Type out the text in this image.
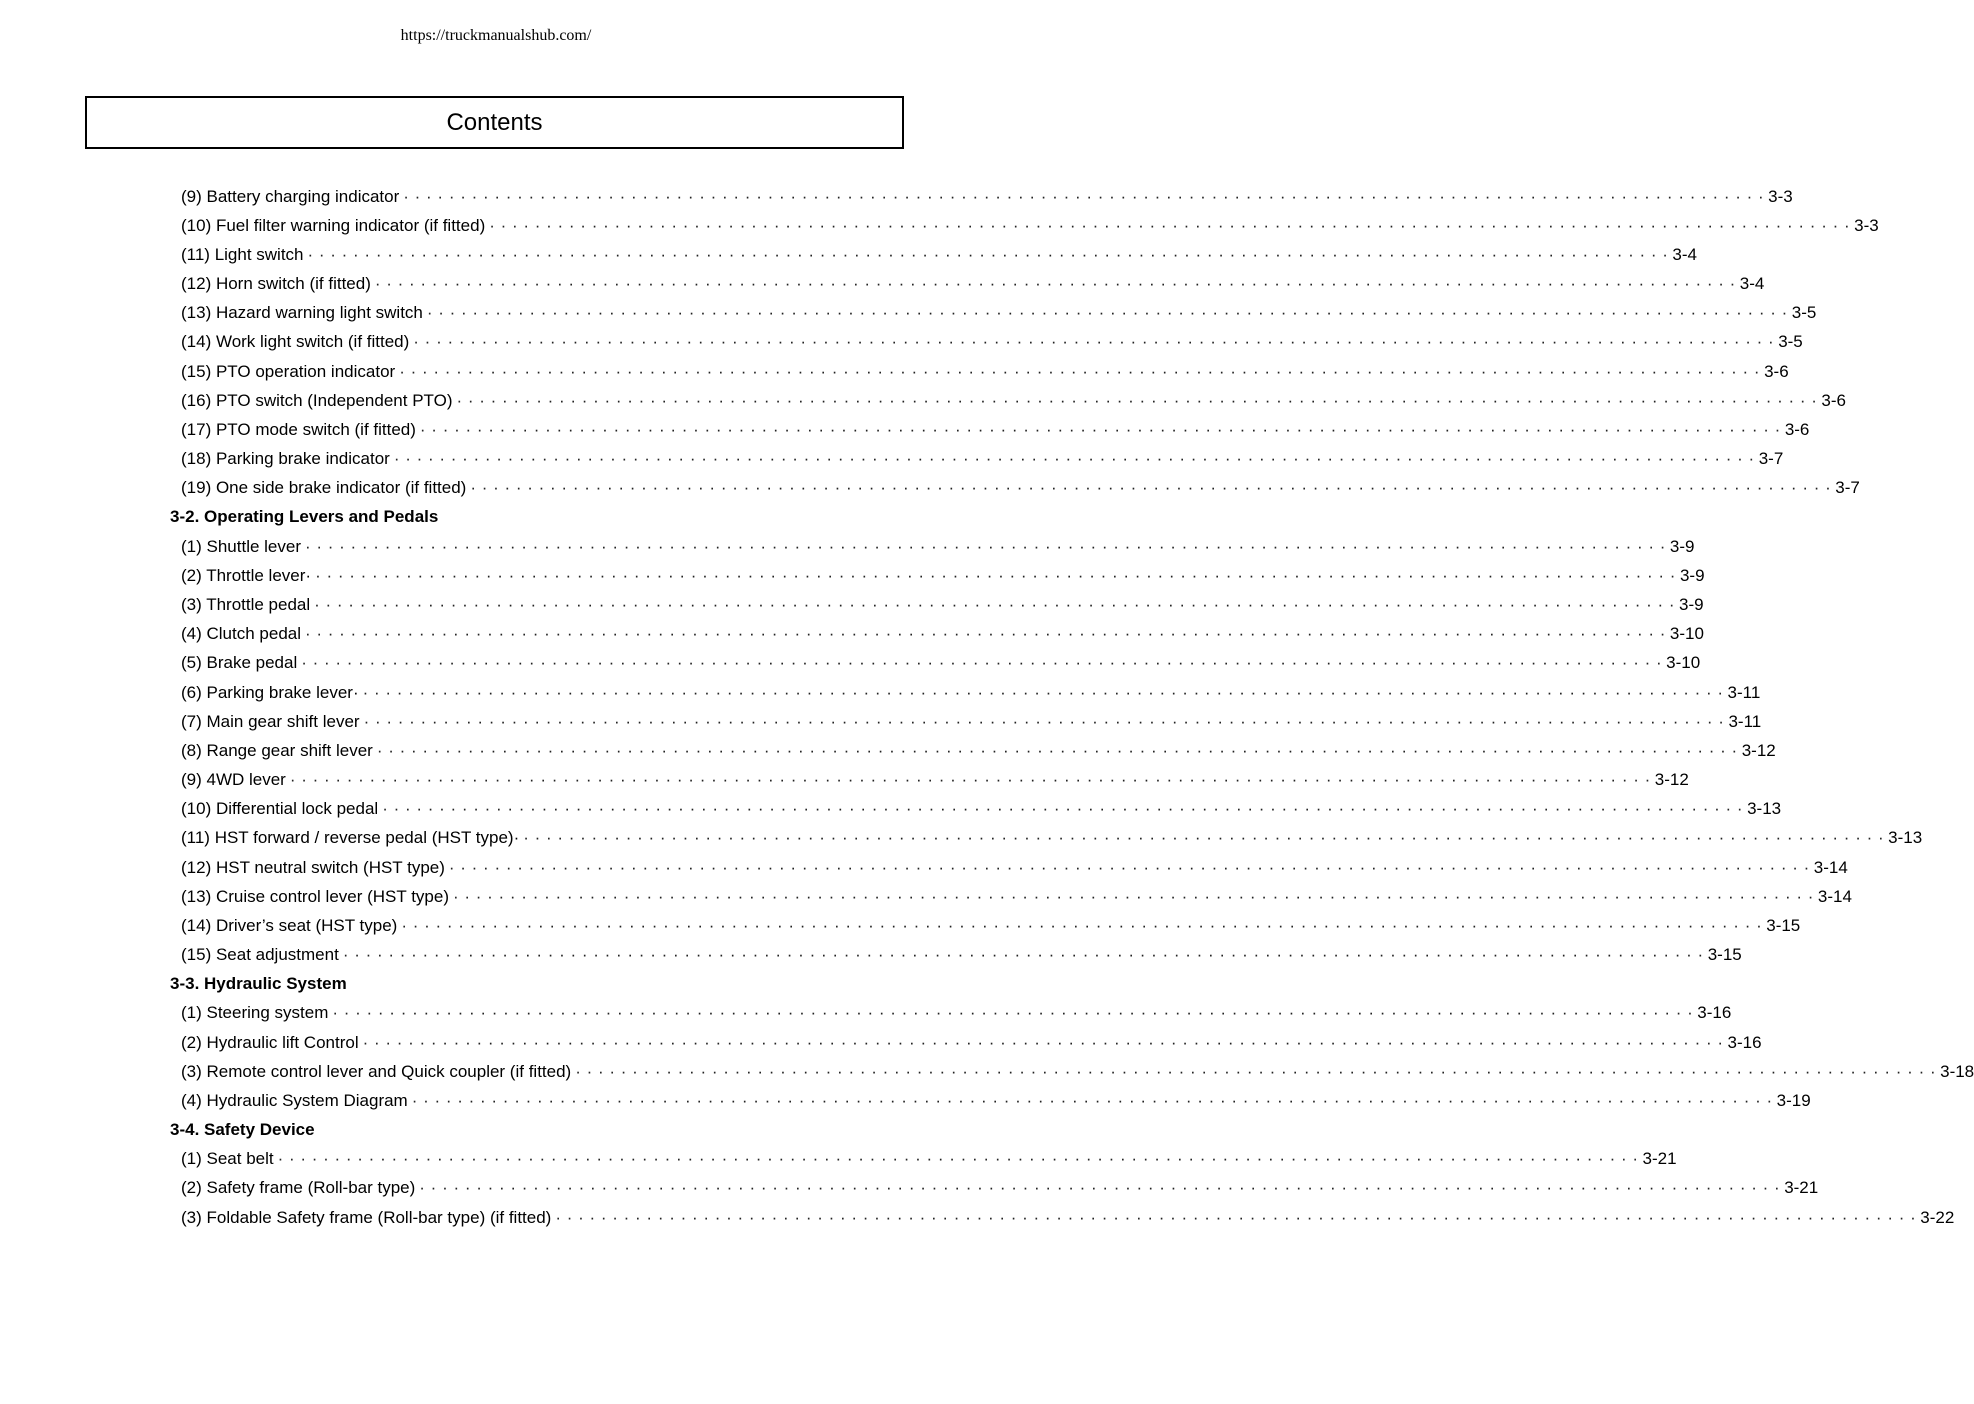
https://truckmanualshub.com/
Contents
(9) Battery charging indicator · · · · · · · · · · · · · · · · · · · · · · · · · · · · · · · · · · · · · · · · · · · · · · · · · · · · · · · · · · · · · · · · · · · · · · · · · · · · · · · · · · · · · · · · · · · · · · · · · · · · · · · · · · · · · · · · · · · · · · · · 3-3
(10) Fuel filter warning indicator (if fitted) · · · · · · · · · · · · · · · · · · · · · · · · · · · · · · · · · · · · · · · · · · · · · · · · · · · · · · · · · · · · · · · · · · · · · · · · · · · · · · · · · · · · · · · · · · · · · · · · · · · · · · · · · · · · · · · · · · · · · · · · 3-3
(11) Light switch · · · · · · · · · · · · · · · · · · · · · · · · · · · · · · · · · · · · · · · · · · · · · · · · · · · · · · · · · · · · · · · · · · · · · · · · · · · · · · · · · · · · · · · · · · · · · · · · · · · · · · · · · · · · · · · · · · · · · · · · 3-4
(12) Horn switch (if fitted) · · · · · · · · · · · · · · · · · · · · · · · · · · · · · · · · · · · · · · · · · · · · · · · · · · · · · · · · · · · · · · · · · · · · · · · · · · · · · · · · · · · · · · · · · · · · · · · · · · · · · · · · · · · · · · · · · · · · · · · · 3-4
(13) Hazard warning light switch · · · · · · · · · · · · · · · · · · · · · · · · · · · · · · · · · · · · · · · · · · · · · · · · · · · · · · · · · · · · · · · · · · · · · · · · · · · · · · · · · · · · · · · · · · · · · · · · · · · · · · · · · · · · · · · · · · · · · · · · 3-5
(14) Work light switch (if fitted) · · · · · · · · · · · · · · · · · · · · · · · · · · · · · · · · · · · · · · · · · · · · · · · · · · · · · · · · · · · · · · · · · · · · · · · · · · · · · · · · · · · · · · · · · · · · · · · · · · · · · · · · · · · · · · · · · · · · · · · · 3-5
(15) PTO operation indicator · · · · · · · · · · · · · · · · · · · · · · · · · · · · · · · · · · · · · · · · · · · · · · · · · · · · · · · · · · · · · · · · · · · · · · · · · · · · · · · · · · · · · · · · · · · · · · · · · · · · · · · · · · · · · · · · · · · · · · · · 3-6
(16) PTO switch (Independent PTO) · · · · · · · · · · · · · · · · · · · · · · · · · · · · · · · · · · · · · · · · · · · · · · · · · · · · · · · · · · · · · · · · · · · · · · · · · · · · · · · · · · · · · · · · · · · · · · · · · · · · · · · · · · · · · · · · · · · · · · · · 3-6
(17) PTO mode switch (if fitted) · · · · · · · · · · · · · · · · · · · · · · · · · · · · · · · · · · · · · · · · · · · · · · · · · · · · · · · · · · · · · · · · · · · · · · · · · · · · · · · · · · · · · · · · · · · · · · · · · · · · · · · · · · · · · · · · · · · · · · · · 3-6
(18) Parking brake indicator · · · · · · · · · · · · · · · · · · · · · · · · · · · · · · · · · · · · · · · · · · · · · · · · · · · · · · · · · · · · · · · · · · · · · · · · · · · · · · · · · · · · · · · · · · · · · · · · · · · · · · · · · · · · · · · · · · · · · · · · 3-7
(19) One side brake indicator (if fitted) · · · · · · · · · · · · · · · · · · · · · · · · · · · · · · · · · · · · · · · · · · · · · · · · · · · · · · · · · · · · · · · · · · · · · · · · · · · · · · · · · · · · · · · · · · · · · · · · · · · · · · · · · · · · · · · · · · · · · · · · 3-7
3-2. Operating Levers and Pedals
(1) Shuttle lever · · · · · · · · · · · · · · · · · · · · · · · · · · · · · · · · · · · · · · · · · · · · · · · · · · · · · · · · · · · · · · · · · · · · · · · · · · · · · · · · · · · · · · · · · · · · · · · · · · · · · · · · · · · · · · · · · · · · · · · · 3-9
(2) Throttle lever· · · · · · · · · · · · · · · · · · · · · · · · · · · · · · · · · · · · · · · · · · · · · · · · · · · · · · · · · · · · · · · · · · · · · · · · · · · · · · · · · · · · · · · · · · · · · · · · · · · · · · · · · · · · · · · · · · · · · · · · · 3-9
(3) Throttle pedal · · · · · · · · · · · · · · · · · · · · · · · · · · · · · · · · · · · · · · · · · · · · · · · · · · · · · · · · · · · · · · · · · · · · · · · · · · · · · · · · · · · · · · · · · · · · · · · · · · · · · · · · · · · · · · · · · · · · · · · · 3-9
(4) Clutch pedal · · · · · · · · · · · · · · · · · · · · · · · · · · · · · · · · · · · · · · · · · · · · · · · · · · · · · · · · · · · · · · · · · · · · · · · · · · · · · · · · · · · · · · · · · · · · · · · · · · · · · · · · · · · · · · · · · · · · · · · · 3-10
(5) Brake pedal · · · · · · · · · · · · · · · · · · · · · · · · · · · · · · · · · · · · · · · · · · · · · · · · · · · · · · · · · · · · · · · · · · · · · · · · · · · · · · · · · · · · · · · · · · · · · · · · · · · · · · · · · · · · · · · · · · · · · · · · 3-10
(6) Parking brake lever· · · · · · · · · · · · · · · · · · · · · · · · · · · · · · · · · · · · · · · · · · · · · · · · · · · · · · · · · · · · · · · · · · · · · · · · · · · · · · · · · · · · · · · · · · · · · · · · · · · · · · · · · · · · · · · · · · · · · · · · · 3-11
(7) Main gear shift lever · · · · · · · · · · · · · · · · · · · · · · · · · · · · · · · · · · · · · · · · · · · · · · · · · · · · · · · · · · · · · · · · · · · · · · · · · · · · · · · · · · · · · · · · · · · · · · · · · · · · · · · · · · · · · · · · · · · · · · · · 3-11
(8) Range gear shift lever · · · · · · · · · · · · · · · · · · · · · · · · · · · · · · · · · · · · · · · · · · · · · · · · · · · · · · · · · · · · · · · · · · · · · · · · · · · · · · · · · · · · · · · · · · · · · · · · · · · · · · · · · · · · · · · · · · · · · · · · 3-12
(9) 4WD lever · · · · · · · · · · · · · · · · · · · · · · · · · · · · · · · · · · · · · · · · · · · · · · · · · · · · · · · · · · · · · · · · · · · · · · · · · · · · · · · · · · · · · · · · · · · · · · · · · · · · · · · · · · · · · · · · · · · · · · · · 3-12
(10) Differential lock pedal · · · · · · · · · · · · · · · · · · · · · · · · · · · · · · · · · · · · · · · · · · · · · · · · · · · · · · · · · · · · · · · · · · · · · · · · · · · · · · · · · · · · · · · · · · · · · · · · · · · · · · · · · · · · · · · · · · · · · · · · 3-13
(11) HST forward / reverse pedal (HST type)· · · · · · · · · · · · · · · · · · · · · · · · · · · · · · · · · · · · · · · · · · · · · · · · · · · · · · · · · · · · · · · · · · · · · · · · · · · · · · · · · · · · · · · · · · · · · · · · · · · · · · · · · · · · · · · · · · · · · · · · · 3-13
(12) HST neutral switch (HST type) · · · · · · · · · · · · · · · · · · · · · · · · · · · · · · · · · · · · · · · · · · · · · · · · · · · · · · · · · · · · · · · · · · · · · · · · · · · · · · · · · · · · · · · · · · · · · · · · · · · · · · · · · · · · · · · · · · · · · · · · 3-14
(13) Cruise control lever (HST type) · · · · · · · · · · · · · · · · · · · · · · · · · · · · · · · · · · · · · · · · · · · · · · · · · · · · · · · · · · · · · · · · · · · · · · · · · · · · · · · · · · · · · · · · · · · · · · · · · · · · · · · · · · · · · · · · · · · · · · · · 3-14
(14) Driver’s seat (HST type) · · · · · · · · · · · · · · · · · · · · · · · · · · · · · · · · · · · · · · · · · · · · · · · · · · · · · · · · · · · · · · · · · · · · · · · · · · · · · · · · · · · · · · · · · · · · · · · · · · · · · · · · · · · · · · · · · · · · · · · · 3-15
(15) Seat adjustment · · · · · · · · · · · · · · · · · · · · · · · · · · · · · · · · · · · · · · · · · · · · · · · · · · · · · · · · · · · · · · · · · · · · · · · · · · · · · · · · · · · · · · · · · · · · · · · · · · · · · · · · · · · · · · · · · · · · · · · · 3-15
3-3. Hydraulic System
(1) Steering system · · · · · · · · · · · · · · · · · · · · · · · · · · · · · · · · · · · · · · · · · · · · · · · · · · · · · · · · · · · · · · · · · · · · · · · · · · · · · · · · · · · · · · · · · · · · · · · · · · · · · · · · · · · · · · · · · · · · · · · · 3-16
(2) Hydraulic lift Control · · · · · · · · · · · · · · · · · · · · · · · · · · · · · · · · · · · · · · · · · · · · · · · · · · · · · · · · · · · · · · · · · · · · · · · · · · · · · · · · · · · · · · · · · · · · · · · · · · · · · · · · · · · · · · · · · · · · · · · · 3-16
(3) Remote control lever and Quick coupler (if fitted) · · · · · · · · · · · · · · · · · · · · · · · · · · · · · · · · · · · · · · · · · · · · · · · · · · · · · · · · · · · · · · · · · · · · · · · · · · · · · · · · · · · · · · · · · · · · · · · · · · · · · · · · · · · · · · · · · · · · · · · · 3-18
(4) Hydraulic System Diagram · · · · · · · · · · · · · · · · · · · · · · · · · · · · · · · · · · · · · · · · · · · · · · · · · · · · · · · · · · · · · · · · · · · · · · · · · · · · · · · · · · · · · · · · · · · · · · · · · · · · · · · · · · · · · · · · · · · · · · · · 3-19
3-4. Safety Device
(1) Seat belt · · · · · · · · · · · · · · · · · · · · · · · · · · · · · · · · · · · · · · · · · · · · · · · · · · · · · · · · · · · · · · · · · · · · · · · · · · · · · · · · · · · · · · · · · · · · · · · · · · · · · · · · · · · · · · · · · · · · · · · · 3-21
(2) Safety frame (Roll-bar type) · · · · · · · · · · · · · · · · · · · · · · · · · · · · · · · · · · · · · · · · · · · · · · · · · · · · · · · · · · · · · · · · · · · · · · · · · · · · · · · · · · · · · · · · · · · · · · · · · · · · · · · · · · · · · · · · · · · · · · · · 3-21
(3) Foldable Safety frame (Roll-bar type) (if fitted) · · · · · · · · · · · · · · · · · · · · · · · · · · · · · · · · · · · · · · · · · · · · · · · · · · · · · · · · · · · · · · · · · · · · · · · · · · · · · · · · · · · · · · · · · · · · · · · · · · · · · · · · · · · · · · · · · · · · · · · · 3-22
